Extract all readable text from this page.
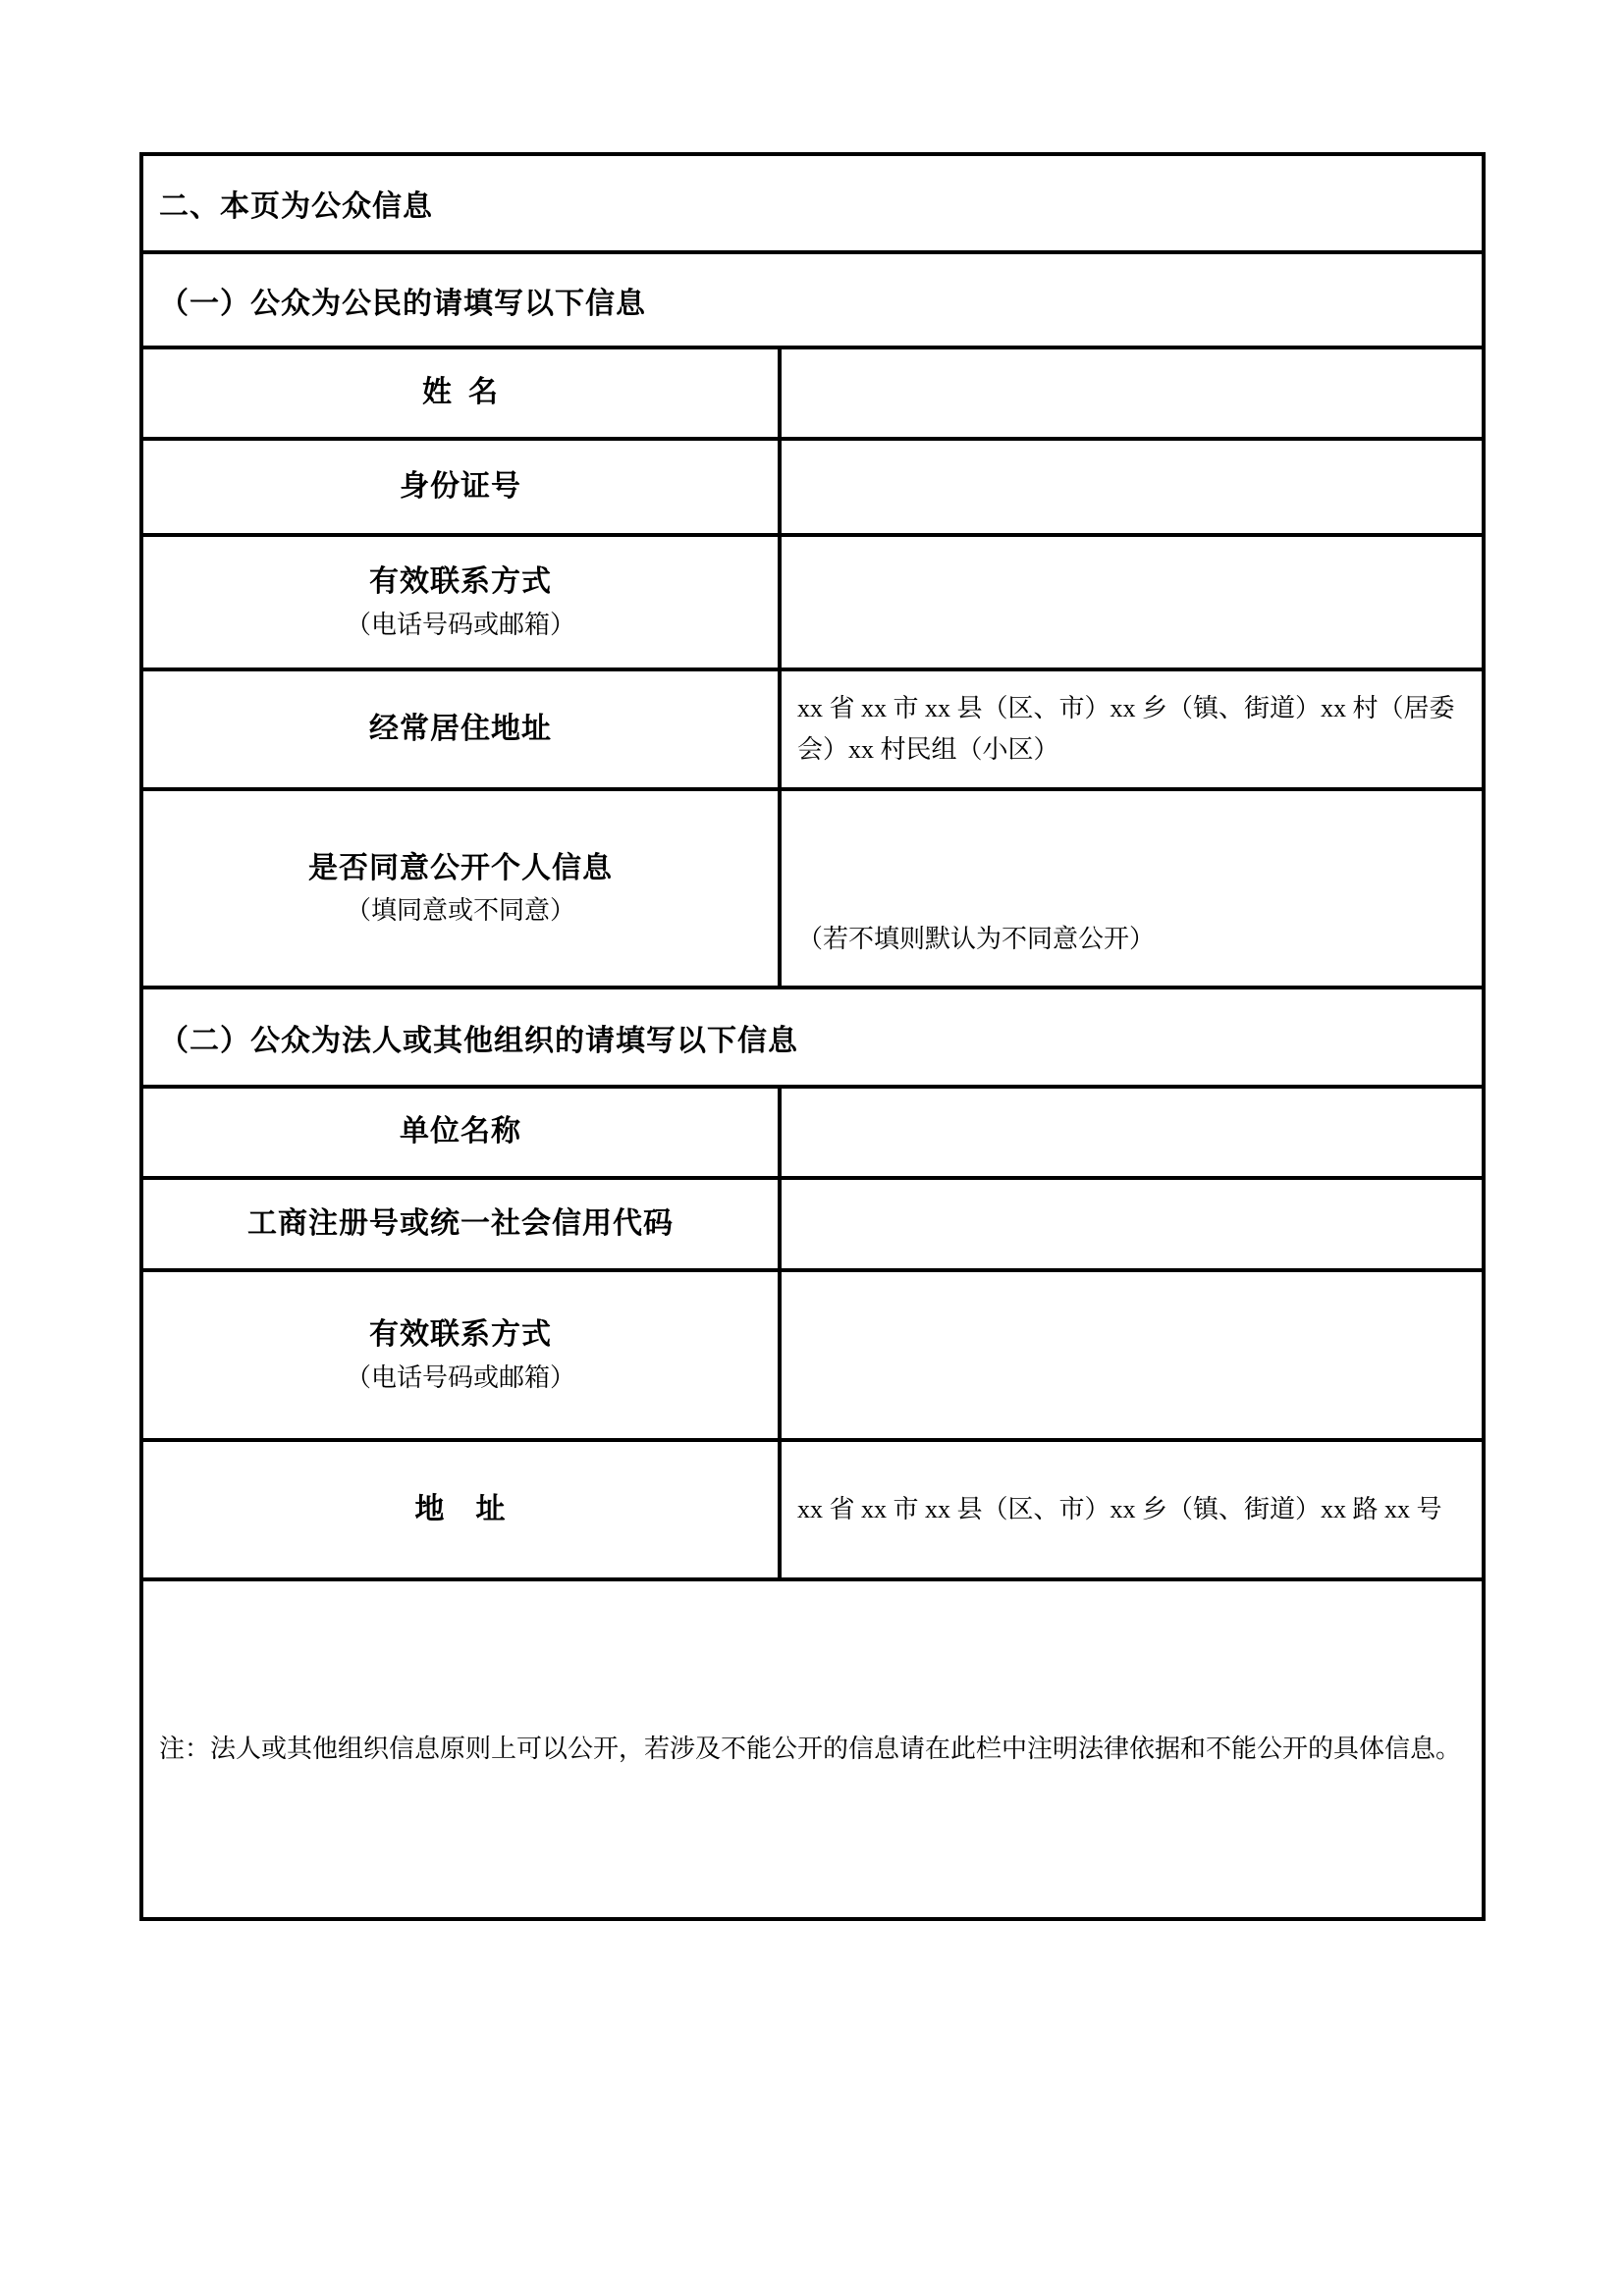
二、本页为公众信息
（一）公众为公民的请填写以下信息
姓 名
身份证号
有效联系方式
（电话号码或邮箱）
经常居住地址
xx 省 xx 市 xx 县（区、市）xx 乡（镇、街道）xx 村（居委会）xx 村民组（小区）
是否同意公开个人信息
（填同意或不同意）
（若不填则默认为不同意公开）
（二）公众为法人或其他组织的请填写以下信息
单位名称
工商注册号或统一社会信用代码
有效联系方式
（电话号码或邮箱）
地　址	xx 省 xx 市 xx 县（区、市）xx 乡（镇、街道）xx 路 xx 号
注：法人或其他组织信息原则上可以公开，若涉及不能公开的信息请在此栏中注明法律依据和不能公开的具体信息。
